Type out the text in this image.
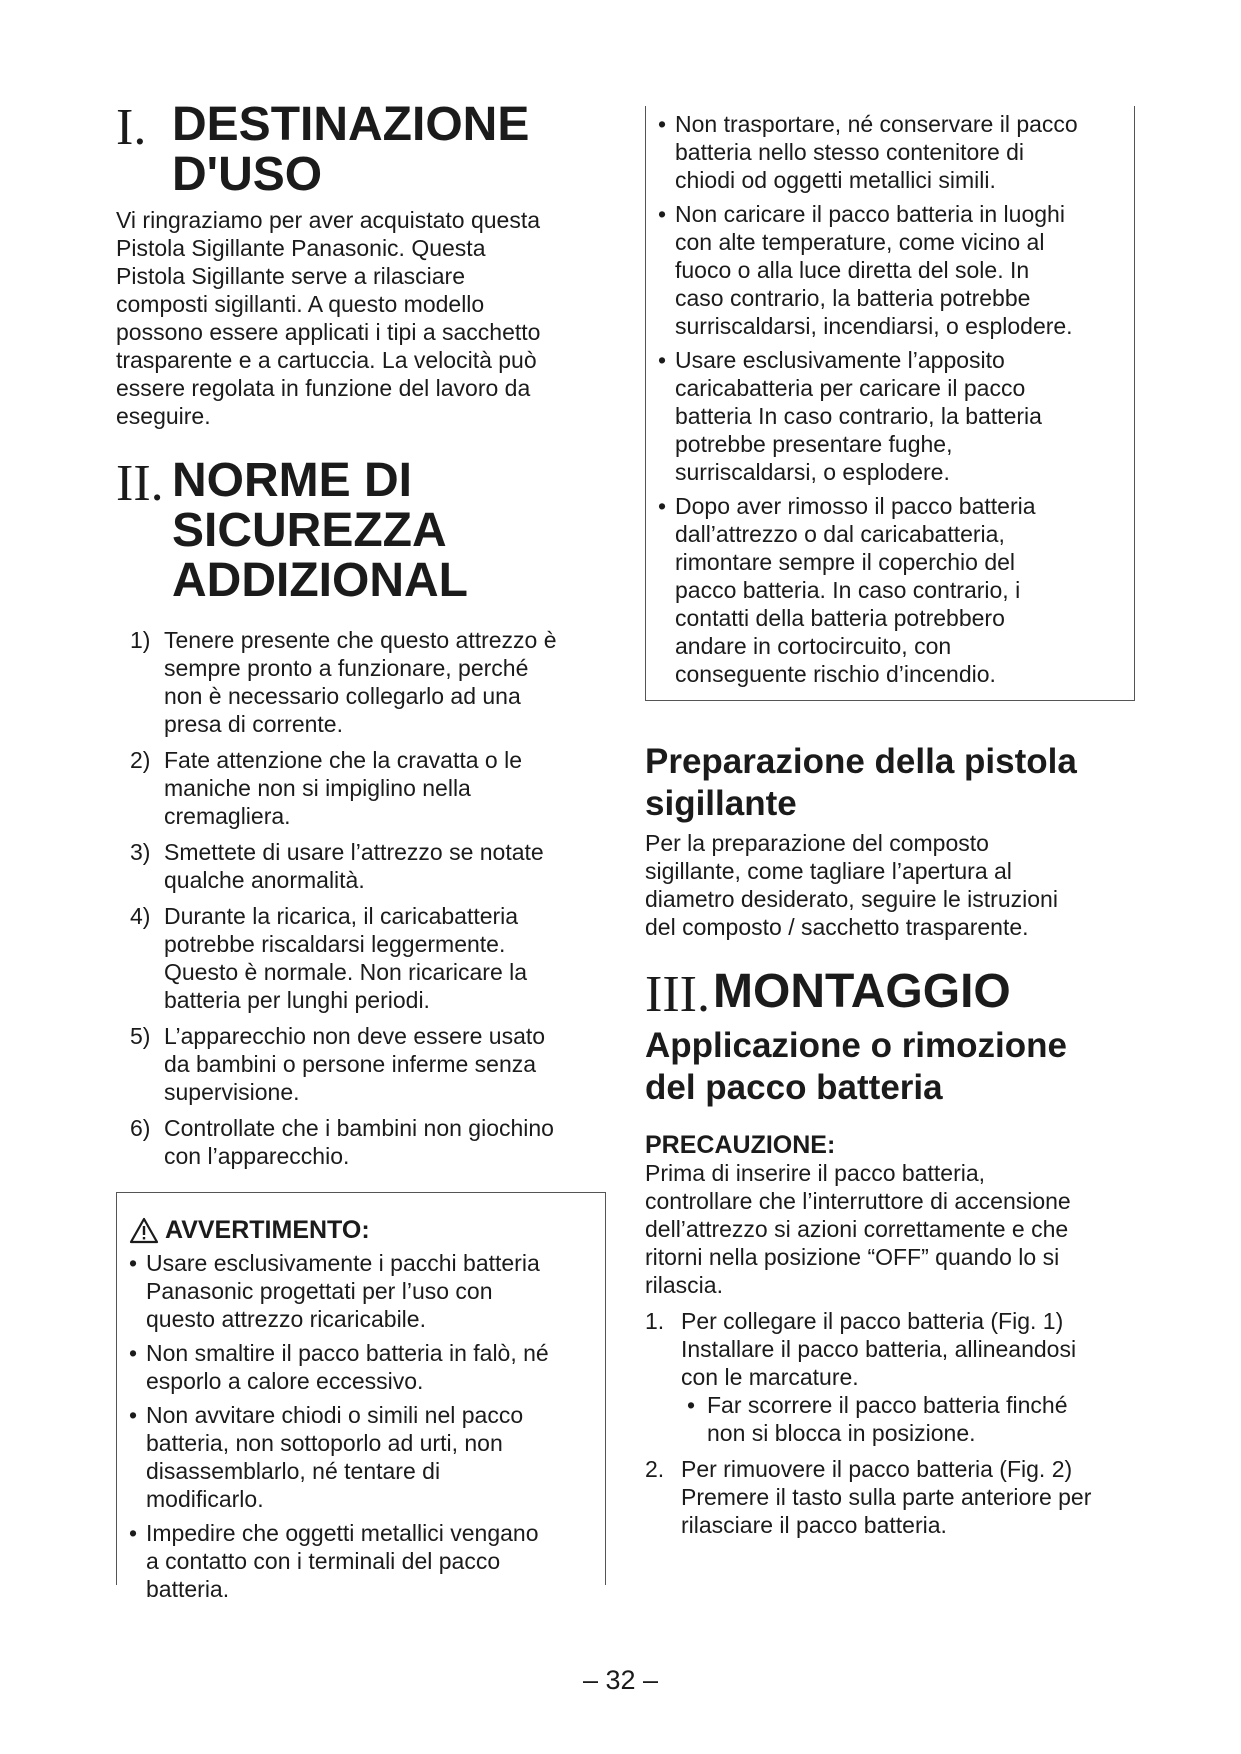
I. DESTINAZIONE
D'USO

Vi ringraziamo per aver acquistato questa
Pistola Sigillante Panasonic. Questa
Pistola Sigillante serve a rilasciare
composti sigillanti. A questo modello
possono essere applicati i tipi a sacchetto
trasparente e a cartuccia. La velocità può
essere regolata in funzione del lavoro da
eseguire.

II. NORME DI
SICUREZZA
ADDIZIONAL
1) Tenere presente che questo attrezzo è
sempre pronto a funzionare, perché
non è necessario collegarlo ad una
presa di corrente.
2) Fate attenzione che la cravatta o le
maniche non si impiglino nella
cremagliera.
3) Smettete di usare l’attrezzo se notate
qualche anormalità.
4) Durante la ricarica, il caricabatteria
potrebbe riscaldarsi leggermente.
Questo è normale. Non ricaricare la
batteria per lunghi periodi.
5) L’apparecchio non deve essere usato
da bambini o persone inferme senza
supervisione.
6) Controllate che i bambini non giochino
con l’apparecchio.
AVVERTIMENTO:
• Usare esclusivamente i pacchi batteria
Panasonic progettati per l’uso con
questo attrezzo ricaricabile.
• Non smaltire il pacco batteria in falò, né
esporlo a calore eccessivo.
• Non avvitare chiodi o simili nel pacco
batteria, non sottoporlo ad urti, non
disassemblarlo, né tentare di
modificarlo.
• Impedire che oggetti metallici vengano
a contatto con i terminali del pacco
batteria.
• Non trasportare, né conservare il pacco
batteria nello stesso contenitore di
chiodi od oggetti metallici simili.
• Non caricare il pacco batteria in luoghi
con alte temperature, come vicino al
fuoco o alla luce diretta del sole. In
caso contrario, la batteria potrebbe
surriscaldarsi, incendiarsi, o esplodere.
• Usare esclusivamente l’apposito
caricabatteria per caricare il pacco
batteria In caso contrario, la batteria
potrebbe presentare fughe,
surriscaldarsi, o esplodere.
• Dopo aver rimosso il pacco batteria
dall’attrezzo o dal caricabatteria,
rimontare sempre il coperchio del
pacco batteria. In caso contrario, i
contatti della batteria potrebbero
andare in cortocircuito, con
conseguente rischio d’incendio.
Preparazione della pistola
sigillante

Per la preparazione del composto
sigillante, come tagliare l’apertura al
diametro desiderato, seguire le istruzioni
del composto / sacchetto trasparente.

III. MONTAGGIO
Applicazione o rimozione
del pacco batteria
PRECAUZIONE:

Prima di inserire il pacco batteria,
controllare che l’interruttore di accensione
dell’attrezzo si azioni correttamente e che
ritorni nella posizione “OFF” quando lo si
rilascia.

1. Per collegare il pacco batteria (Fig. 1)
Installare il pacco batteria, allineandosi
con le marcature.
• Far scorrere il pacco batteria finché
non si blocca in posizione.
2. Per rimuovere il pacco batteria (Fig. 2)
Premere il tasto sulla parte anteriore per
rilasciare il pacco batteria.
– 32 –
